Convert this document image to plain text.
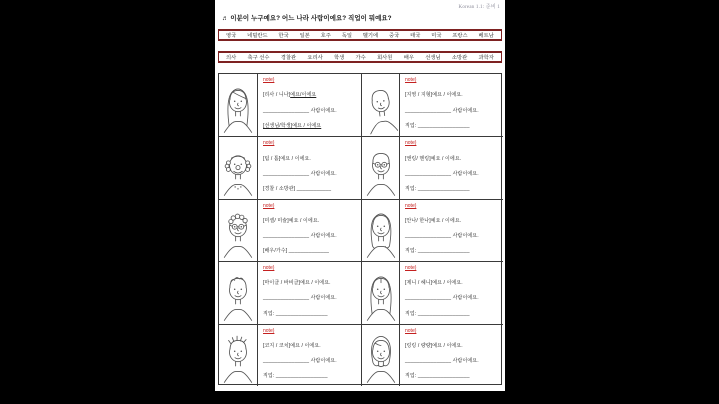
Korean 1.1: 준비 1
♬ 이분이 누구예요? 어느 나라 사람이에요? 직업이 뭐예요?
영국 네덜란드 한국 일본 호주 독일 벨기에 중국 태국 미국 프랑스 베트남
의사 축구 선수 경찰관 요리사 학생 가수 회사원 배우 선생님 소방관 과학자
note)
[리사 / 니나]예요/이에요
________________ 사람이에요.
[선생님/학생]예요 / 이에요
note)
[지영 / 지형]예요 / 이에요.
________________ 사람이에요.
직업: __________________
note)
[팀 / 톰]예요 / 이에요.
________________ 사람이에요.
[경찰 / 소방관] ____________
note)
[앤링/ 헨링]예요 / 이에요.
________________ 사람이에요.
직업: __________________
note)
[미셸/ 미슐]예요 / 이에요.
________________ 사람이에요.
[배우/가수] ______________
note)
[안나/ 한나]예요 / 이에요.
________________ 사람이에요.
직업: __________________
note)
[마이클 / 바비클]예요 / 이에요.
________________ 사람이에요.
직업: __________________
note)
[제니 / 헤니]예요 / 이에요.
________________ 사람이에요.
직업: __________________
note)
[코지 / 코치]예요 / 이에요.
________________ 사람이에요.
직업: __________________
note)
[링링 / 량량]예요 / 이에요.
________________ 사람이에요.
직업: __________________
